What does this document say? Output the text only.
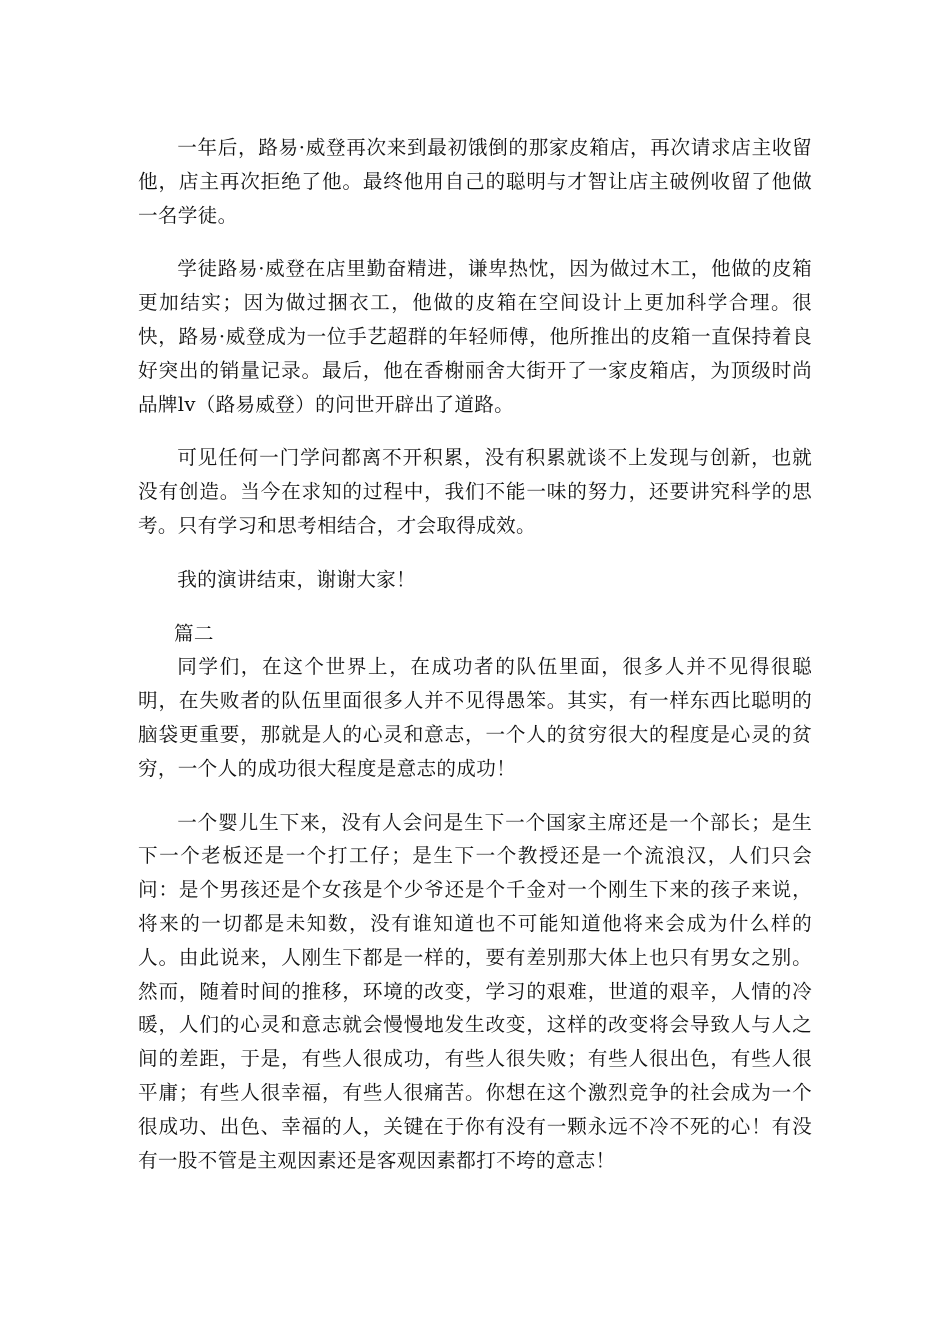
一年后，路易·威登再次来到最初饿倒的那家皮箱店，再次请求店主收留他，店主再次拒绝了他。最终他用自己的聪明与才智让店主破例收留了他做一名学徒。

学徒路易·威登在店里勤奋精进，谦卑热忱，因为做过木工，他做的皮箱更加结实；因为做过捆衣工，他做的皮箱在空间设计上更加科学合理。很快，路易·威登成为一位手艺超群的年轻师傅，他所推出的皮箱一直保持着良好突出的销量记录。最后，他在香榭丽舍大街开了一家皮箱店，为顶级时尚品牌lv（路易威登）的问世开辟出了道路。

可见任何一门学问都离不开积累，没有积累就谈不上发现与创新，也就没有创造。当今在求知的过程中，我们不能一味的努力，还要讲究科学的思考。只有学习和思考相结合，才会取得成效。

我的演讲结束，谢谢大家！

篇二

同学们，在这个世界上，在成功者的队伍里面，很多人并不见得很聪明，在失败者的队伍里面很多人并不见得愚笨。其实，有一样东西比聪明的脑袋更重要，那就是人的心灵和意志，一个人的贫穷很大的程度是心灵的贫穷，一个人的成功很大程度是意志的成功！

一个婴儿生下来，没有人会问是生下一个国家主席还是一个部长；是生下一个老板还是一个打工仔；是生下一个教授还是一个流浪汉，人们只会问：是个男孩还是个女孩是个少爷还是个千金对一个刚生下来的孩子来说，将来的一切都是未知数，没有谁知道也不可能知道他将来会成为什么样的人。由此说来，人刚生下都是一样的，要有差别那大体上也只有男女之别。然而，随着时间的推移，环境的改变，学习的艰难，世道的艰辛，人情的冷暖，人们的心灵和意志就会慢慢地发生改变，这样的改变将会导致人与人之间的差距，于是，有些人很成功，有些人很失败；有些人很出色，有些人很平庸；有些人很幸福，有些人很痛苦。你想在这个激烈竞争的社会成为一个很成功、出色、幸福的人，关键在于你有没有一颗永远不冷不死的心！有没有一股不管是主观因素还是客观因素都打不垮的意志！
